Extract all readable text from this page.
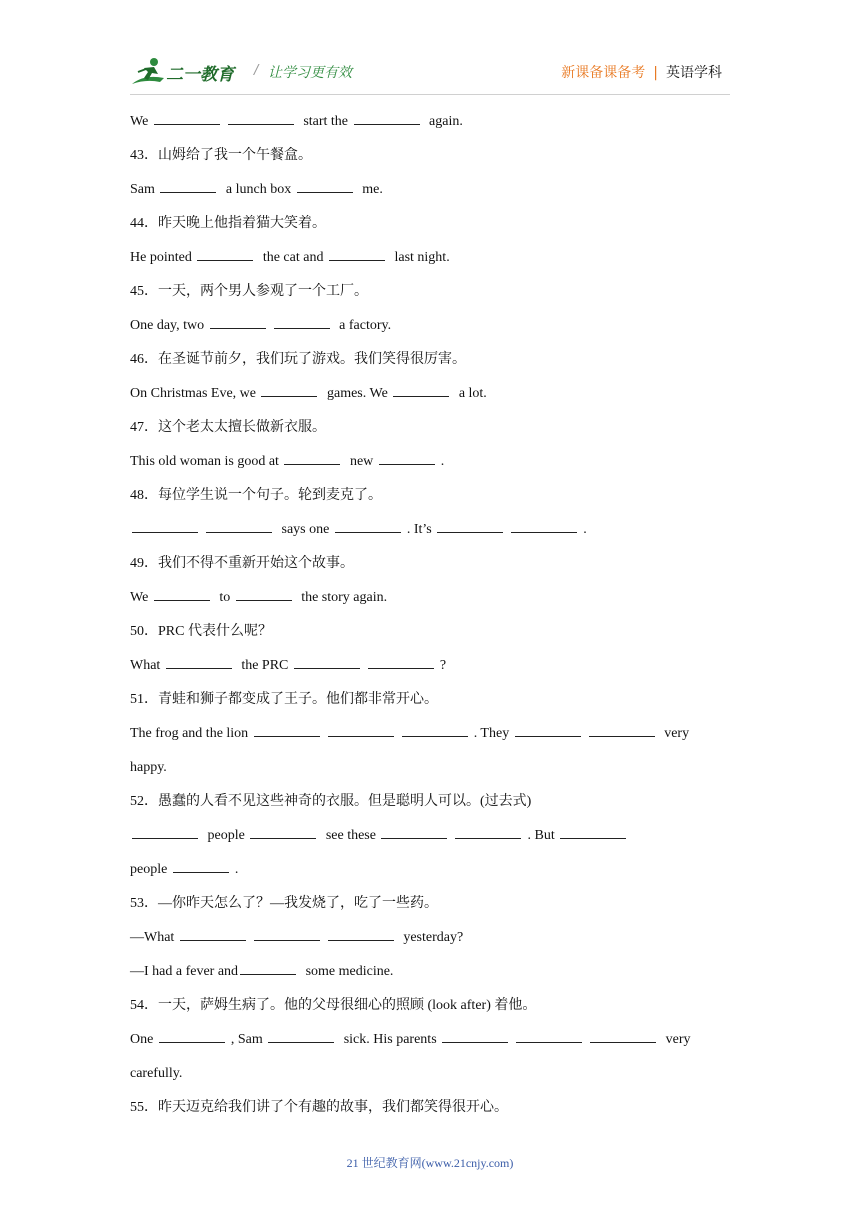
二一教育 / 让学习更有效	新课备课备考 | 英语学科
We	start the	again.
43．山姆给了我一个午餐盒。
Sam	a lunch box	me.
44．昨天晚上他指着猫大笑着。
He pointed	the cat and	last night.
45．一天，两个男人参观了一个工厂。
One day, two	a factory.
46．在圣诞节前夕，我们玩了游戏。我们笑得很厉害。
On Christmas Eve, we	games. We	a lot.
47．这个老太太擅长做新衣服。
This old woman is good at	new	.
48．每位学生说一个句子。轮到麦克了。
says one	. It’s	.
49．我们不得不重新开始这个故事。
We	to	the story again.
50．PRC 代表什么呢？
What	the PRC	?
51．青蛙和狮子都变成了王子。他们都非常开心。
The frog and the lion	. They	very
happy.
52．愚蠢的人看不见这些神奇的衣服。但是聪明人可以。(过去式)
people	see these	. But
people	.
53．—你昨天怎么了？—我发烧了，吃了一些药。
—What	yesterday?
—I had a fever and	some medicine.
54．一天，萨姆生病了。他的父母很细心的照顾 (look after) 着他。
One	, Sam	sick. His parents	very
carefully.
55．昨天迈克给我们讲了个有趣的故事，我们都笑得很开心。
21 世纪教育网(www.21cnjy.com)
